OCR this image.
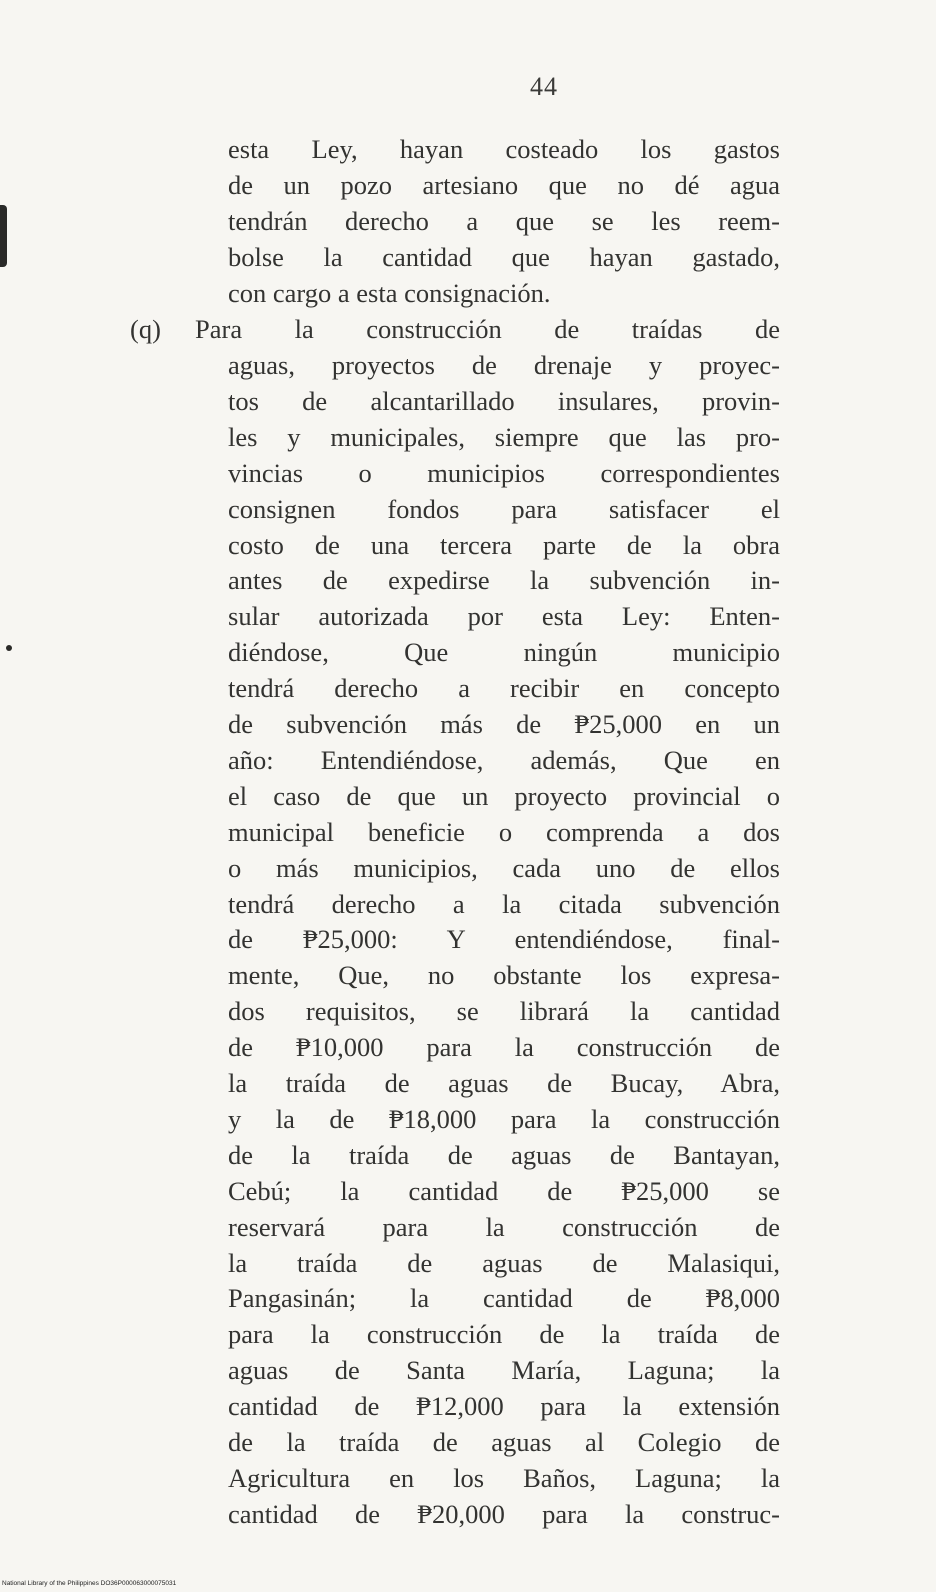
44
esta Ley, hayan costeado los gastos
de un pozo artesiano que no dé agua
tendrán derecho a que se les reem-
bolse la cantidad que hayan gastado,
con cargo a esta consignación.
(q) Para la construcción de traídas de
aguas, proyectos de drenaje y proyec-
tos de alcantarillado insulares, provin-
les y municipales, siempre que las pro-
vincias o municipios correspondientes
consignen fondos para satisfacer el
costo de una tercera parte de la obra
antes de expedirse la subvención in-
sular autorizada por esta Ley: Enten-
diéndose, Que ningún municipio
tendrá derecho a recibir en concepto
de subvención más de ₱25,000 en un
año: Entendiéndose, además, Que en
el caso de que un proyecto provincial o
municipal beneficie o comprenda a dos
o más municipios, cada uno de ellos
tendrá derecho a la citada subvención
de ₱25,000: Y entendiéndose, final-
mente, Que, no obstante los expresa-
dos requisitos, se librará la cantidad
de ₱10,000 para la construcción de
la traída de aguas de Bucay, Abra,
y la de ₱18,000 para la construcción
de la traída de aguas de Bantayan,
Cebú; la cantidad de ₱25,000 se
reservará para la construcción de
la traída de aguas de Malasiqui,
Pangasinán; la cantidad de ₱8,000
para la construcción de la traída de
aguas de Santa María, Laguna; la
cantidad de ₱12,000 para la extensión
de la traída de aguas al Colegio de
Agricultura en los Baños, Laguna; la
cantidad de ₱20,000 para la construc-
National Library of the Philippines DO36P000063000075031
